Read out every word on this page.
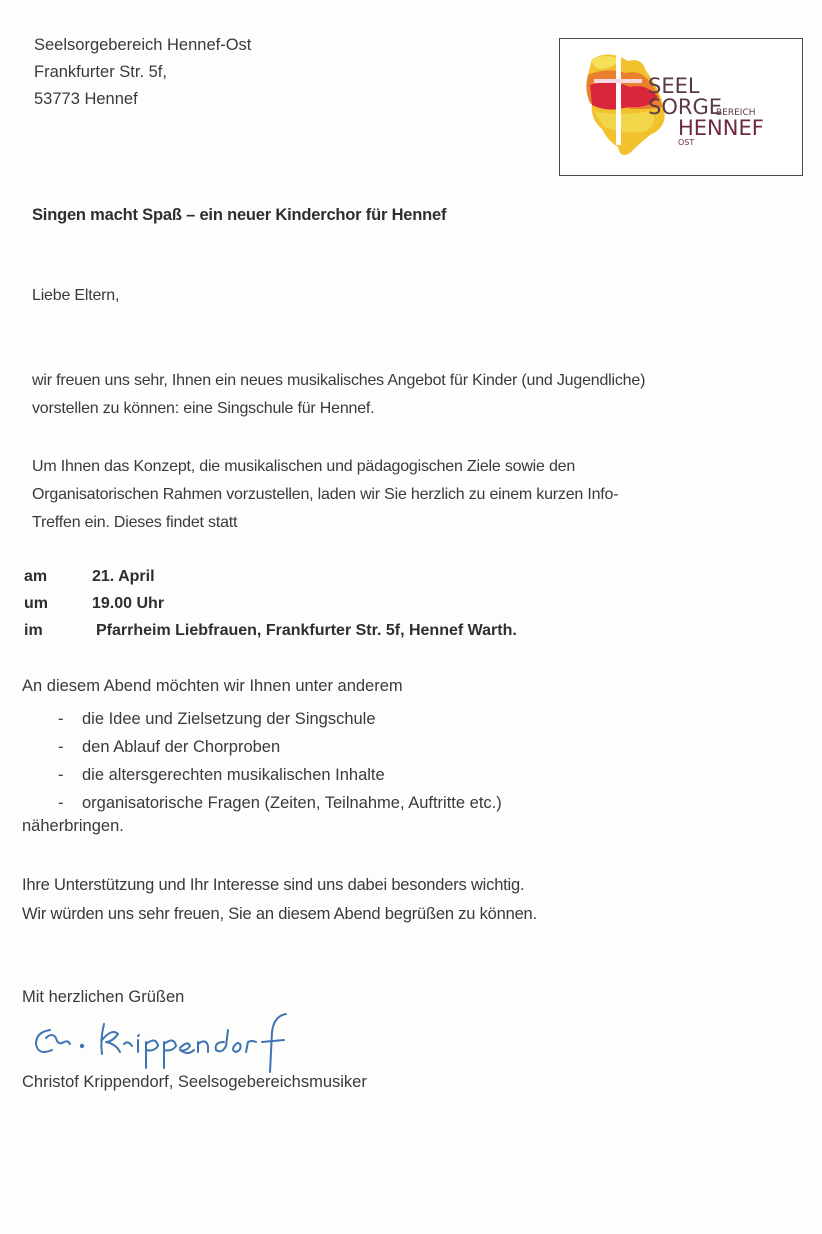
Seelsorgebereich Hennef-Ost
Frankfurter Str. 5f,
53773 Hennef
SEEL
SORGE
BEREICH
HENNEF
OST
Singen macht Spaß – ein neuer Kinderchor für Hennef
Liebe Eltern,
wir freuen uns sehr, Ihnen ein neues musikalisches Angebot für Kinder (und Jugendliche)
vorstellen zu können: eine Singschule für Hennef.
Um Ihnen das Konzept, die musikalischen und pädagogischen Ziele sowie den
Organisatorischen Rahmen vorzustellen, laden wir Sie herzlich zu einem kurzen Info-
Treffen ein. Dieses findet statt
am	21. April
um	19.00 Uhr
im	Pfarrheim Liebfrauen, Frankfurter Str. 5f, Hennef Warth.
An diesem Abend möchten wir Ihnen unter anderem
-	die Idee und Zielsetzung der Singschule
-	den Ablauf der Chorproben
-	die altersgerechten musikalischen Inhalte
-	organisatorische Fragen (Zeiten, Teilnahme, Auftritte etc.)
näherbringen.
Ihre Unterstützung und Ihr Interesse sind uns dabei besonders wichtig.
Wir würden uns sehr freuen, Sie an diesem Abend begrüßen zu können.
Mit herzlichen Grüßen
Christof Krippendorf, Seelsogebereichsmusiker
